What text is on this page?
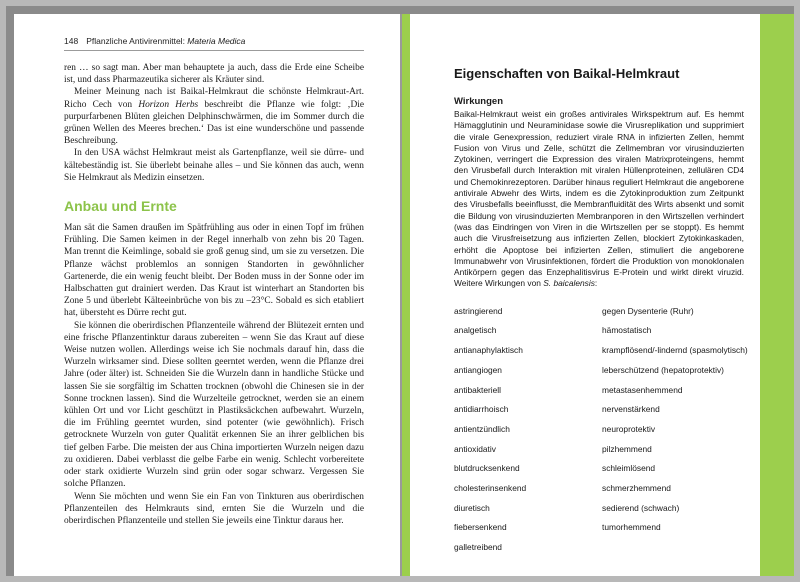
148 Pflanzliche Antivirenmittel: Materia Medica

ren … so sagt man. Aber man behauptete ja auch, dass die Erde eine Scheibe ist, und dass Pharmazeutika sicherer als Kräuter sind.

Meiner Meinung nach ist Baikal-Helmkraut die schönste Helmkraut-Art. Richo Cech von Horizon Herbs beschreibt die Pflanze wie folgt: ‚Die purpurfarbenen Blüten gleichen Delphinschwärmen, die im Sommer durch die grünen Wellen des Meeres brechen.‘ Das ist eine wunderschöne und passende Beschreibung.

In den USA wächst Helmkraut meist als Gartenpflanze, weil sie dürre- und kältebeständig ist. Sie überlebt beinahe alles – und Sie können das auch, wenn Sie Helmkraut als Medizin einsetzen.

Anbau und Ernte

Man sät die Samen draußen im Spätfrühling aus oder in einen Topf im frühen Frühling. Die Samen keimen in der Regel innerhalb von zehn bis 20 Tagen. Man trennt die Keimlinge, sobald sie groß genug sind, um sie zu versetzen. Die Pflanze wächst problemlos an sonnigen Standorten in gewöhnlicher Gartenerde, die ein wenig feucht bleibt. Der Boden muss in der Sonne oder im Halbschatten gut drainiert werden. Das Kraut ist winterhart an Standorten bis Zone 5 und überlebt Kälteeinbrüche von bis zu –23°C. Sobald es sich etabliert hat, übersteht es Dürre recht gut.

Sie können die oberirdischen Pflanzenteile während der Blütezeit ernten und eine frische Pflanzentinktur daraus zubereiten – wenn Sie das Kraut auf diese Weise nutzen wollen. Allerdings weise ich Sie nochmals darauf hin, dass die Wurzeln wirksamer sind. Diese sollten geerntet werden, wenn die Pflanze drei Jahre (oder älter) ist. Schneiden Sie die Wurzeln dann in handliche Stücke und lassen Sie sie sorgfältig im Schatten trocknen (obwohl die Chinesen sie in der Sonne trocknen lassen). Sind die Wurzelteile getrocknet, werden sie an einem kühlen Ort und vor Licht geschützt in Plastiksäckchen aufbewahrt. Wurzeln, die im Frühling geerntet wurden, sind potenter (wie gewöhnlich). Frisch getrocknete Wurzeln von guter Qualität erkennen Sie an ihrer gelblichen bis tief gelben Farbe. Die meisten der aus China importierten Wurzeln neigen dazu zu oxidieren. Dabei verblasst die gelbe Farbe ein wenig. Schlecht vorbereitete oder stark oxidierte Wurzeln sind grün oder sogar schwarz. Vergessen Sie solche Pflanzen.

Wenn Sie möchten und wenn Sie ein Fan von Tinkturen aus oberirdischen Pflanzenteilen des Helmkrauts sind, ernten Sie die Wurzeln und die oberirdischen Pflanzenteile und stellen Sie jeweils eine Tinktur daraus her.

Eigenschaften von Baikal-Helmkraut
Wirkungen

Baikal-Helmkraut weist ein großes antivirales Wirkspektrum auf. Es hemmt Hämagglutinin und Neuraminidase sowie die Virusreplikation und supprimiert die virale Genexpression, reduziert virale RNA in infizierten Zellen, hemmt Fusion von Virus und Zelle, schützt die Zellmembran vor virusinduzierten Zytokinen, verringert die Expression des viralen Matrixproteingens, hemmt den Virusbefall durch Interaktion mit viralen Hüllenproteinen, zellulären CD4 und Chemokinrezeptoren. Darüber hinaus reguliert Helmkraut die angeborene antivirale Abwehr des Wirts, indem es die Zytokinproduktion zum Zeitpunkt des Virusbefalls beeinflusst, die Membranfluidität des Wirts absenkt und somit die Bildung von virusinduzierten Membranporen in den Wirtszellen verhindert (was das Eindringen von Viren in die Wirtszellen per se stoppt). Es hemmt auch die Virusfreisetzung aus infizierten Zellen, blockiert Zytokinkaskaden, erhöht die Apoptose bei infizierten Zellen, stimuliert die angeborene Immunabwehr von Virusinfektionen, fördert die Produktion von monoklonalen Antikörpern gegen das Enzephalitisvirus E-Protein und wirkt direkt viruzid. Weitere Wirkungen von S. baicalensis:

astringierend	gegen Dysenterie (Ruhr)
analgetisch	hämostatisch
antianaphylaktisch	krampflösend/-lindernd (spasmolytisch)
antiangiogen	leberschützend (hepatoprotektiv)
antibakteriell	metastasenhemmend
antidiarrhoisch	nervenstärkend
antientzündlich	neuroprotektiv
antioxidativ	pilzhemmend
blutdrucksenkend	schleimlösend
cholesterinsenkend	schmerzhemmend
diuretisch	sedierend (schwach)
fiebersenkend	tumorhemmend
galletreibend
